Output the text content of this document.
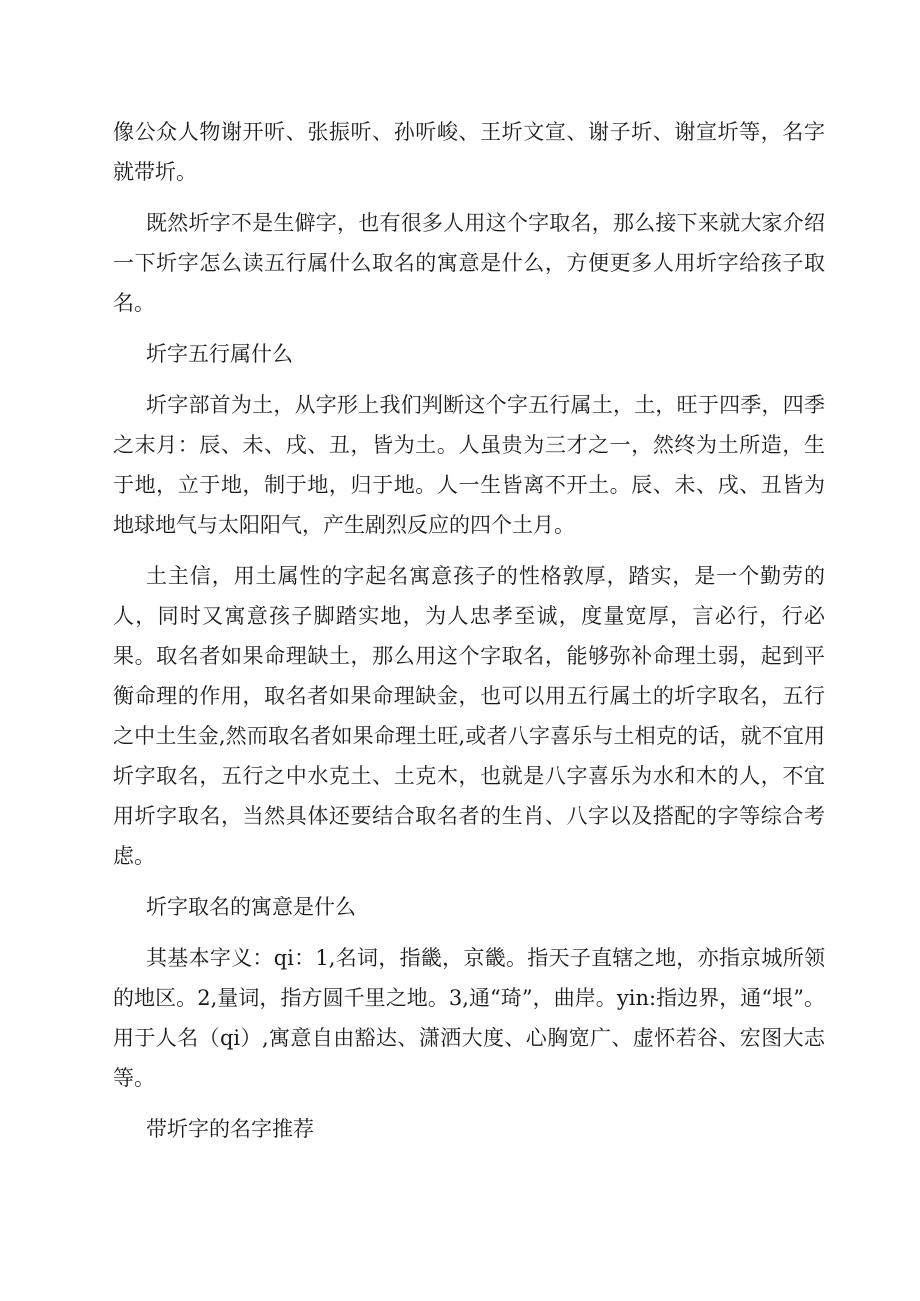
像公众人物谢开听、张振听、孙听峻、王圻文宣、谢子圻、谢宣圻等，名字就带圻。

既然圻字不是生僻字，也有很多人用这个字取名，那么接下来就大家介绍一下圻字怎么读五行属什么取名的寓意是什么，方便更多人用圻字给孩子取名。

圻字五行属什么

圻字部首为土，从字形上我们判断这个字五行属土，土，旺于四季，四季之末月：辰、未、戌、丑，皆为土。人虽贵为三才之一，然终为土所造，生于地，立于地，制于地，归于地。人一生皆离不开土。辰、未、戌、丑皆为地球地气与太阳阳气，产生剧烈反应的四个土月。

土主信，用土属性的字起名寓意孩子的性格敦厚，踏实，是一个勤劳的人，同时又寓意孩子脚踏实地，为人忠孝至诚，度量宽厚，言必行，行必果。取名者如果命理缺土，那么用这个字取名，能够弥补命理土弱，起到平衡命理的作用，取名者如果命理缺金，也可以用五行属土的圻字取名，五行之中土生金,然而取名者如果命理土旺,或者八字喜乐与土相克的话，就不宜用圻字取名，五行之中水克土、土克木，也就是八字喜乐为水和木的人，不宜用圻字取名，当然具体还要结合取名者的生肖、八字以及搭配的字等综合考虑。

圻字取名的寓意是什么

其基本字义：qi：1,名词，指畿，京畿。指天子直辖之地，亦指京城所领的地区。2,量词，指方圆千里之地。3,通“琦”，曲岸。yin:指边界，通“垠”。用于人名（qi）,寓意自由豁达、潇洒大度、心胸宽广、虚怀若谷、宏图大志等。

带圻字的名字推荐
